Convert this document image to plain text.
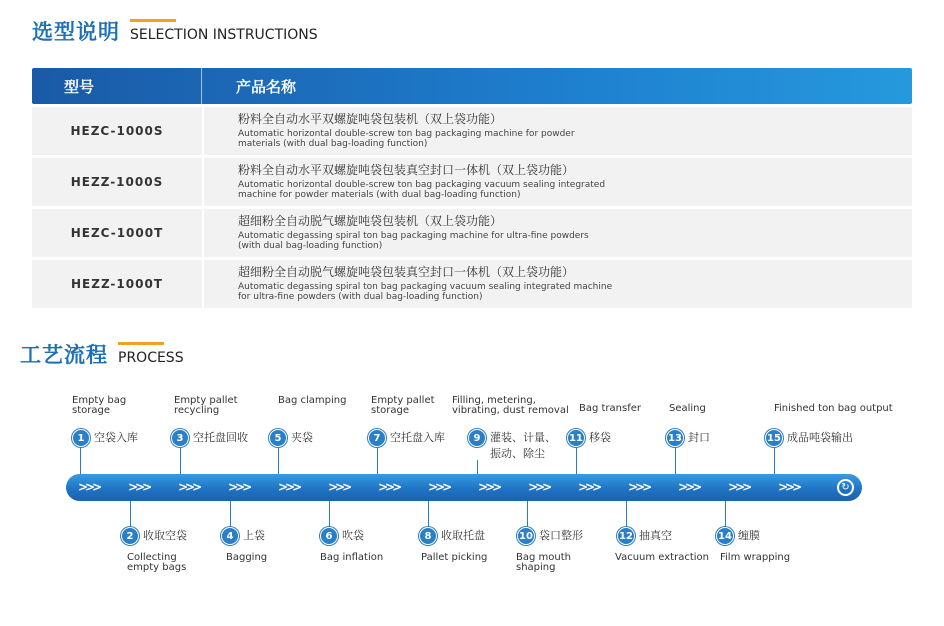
选型说明 SELECTION INSTRUCTIONS
型号	产品名称
HEZC-1000S
粉料全自动水平双螺旋吨袋包装机（双上袋功能）
Automatic horizontal double-screw ton bag packaging machine for powder
materials (with dual bag-loading function)
HEZZ-1000S
粉料全自动水平双螺旋吨袋包装真空封口一体机（双上袋功能）
Automatic horizontal double-screw ton bag packaging vacuum sealing integrated
machine for powder materials (with dual bag-loading function)
HEZC-1000T
超细粉全自动脱气螺旋吨袋包装机（双上袋功能）
Automatic degassing spiral ton bag packaging machine for ultra-fine powders
(with dual bag-loading function)
HEZZ-1000T
超细粉全自动脱气螺旋吨袋包装真空封口一体机（双上袋功能）
Automatic degassing spiral ton bag packaging vacuum sealing integrated machine
for ultra-fine powders (with dual bag-loading function)
工艺流程 PROCESS
>>> >>> >>> >>> >>> >>> >>> >>> >>> >>> >>> >>> >>> >>> >>>	↻
Empty bag
storage
1 空袋入库
Empty pallet
recycling
3 空托盘回收
Bag clamping
5 夹袋
Empty pallet
storage
7 空托盘入库
Filling, metering,
vibrating, dust removal
9 灌装、计量、
振动、除尘
Bag transfer
11 移袋
Sealing
13 封口
Finished ton bag output
15 成品吨袋输出
2 收取空袋
Collecting
empty bags
4 上袋
Bagging
6 吹袋
Bag inflation
8 收取托盘
Pallet picking
10 袋口整形
Bag mouth
shaping
12 抽真空
Vacuum extraction
14 缠膜
Film wrapping
